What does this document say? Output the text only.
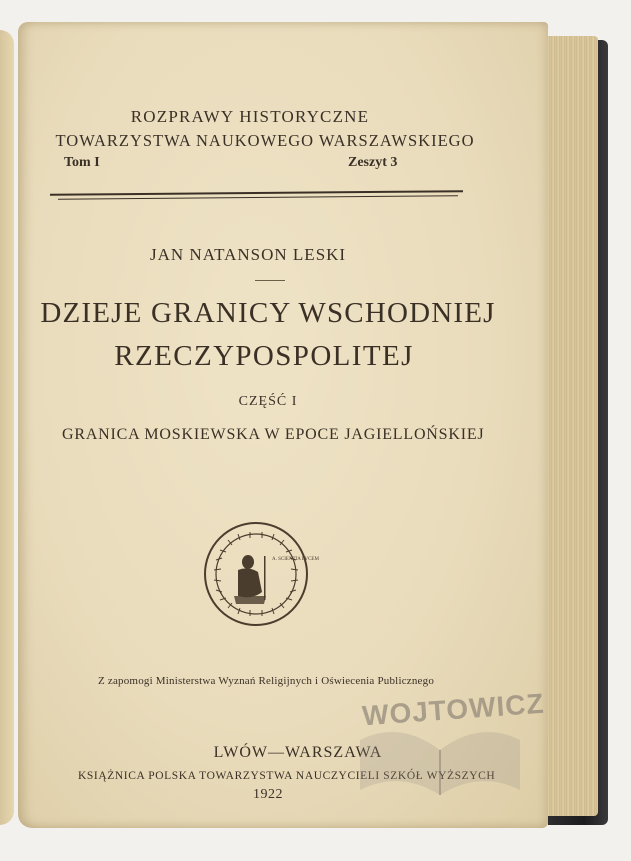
ROZPRAWY HISTORYCZNE
TOWARZYSTWA NAUKOWEGO WARSZAWSKIEGO
Tom I	Zeszyt 3
JAN NATANSON LESKI
DZIEJE GRANICY WSCHODNIEJ
RZECZYPOSPOLITEJ
CZĘŚĆ I
GRANICA MOSKIEWSKA W EPOCE JAGIELLOŃSKIEJ
A. SCIENTIA LVCEM
Z zapomogi Ministerstwa Wyznań Religijnych i Oświecenia Publicznego
LWÓW—WARSZAWA
KSIĄŻNICA POLSKA TOWARZYSTWA NAUCZYCIELI SZKÓŁ WYŻSZYCH
1922
WOJTOWICZ
